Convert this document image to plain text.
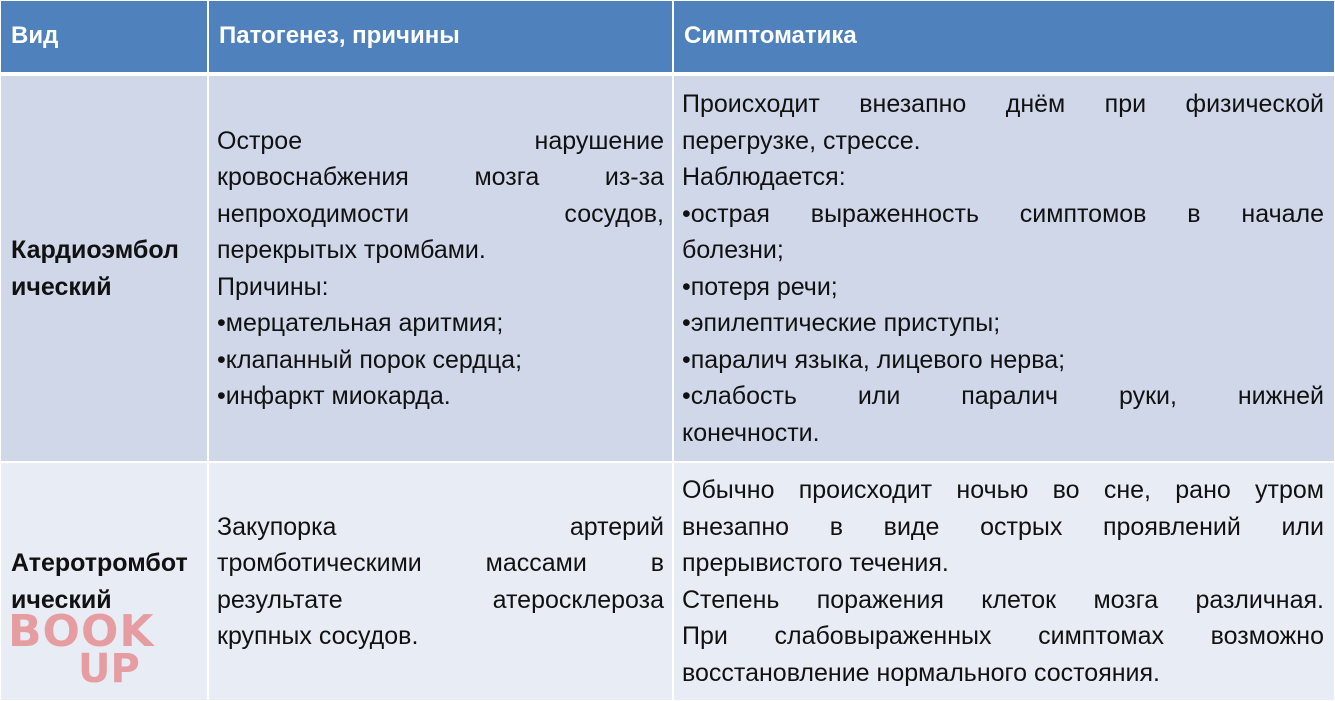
Вид	Патогенез, причины	Симптоматика
Кардиоэмбол
ический
Острое нарушение
кровоснабжения мозга из-за
непроходимости сосудов,
перекрытых тромбами.
Причины:
•мерцательная аритмия;
•клапанный порок сердца;
•инфаркт миокарда.
Происходит внезапно днём при физической
перегрузке, стрессе.
Наблюдается:
•острая выраженность симптомов в начале
болезни;
•потеря речи;
•эпилептические приступы;
•паралич языка, лицевого нерва;
•слабость или паралич руки, нижней
конечности.
Атеротромбот
ический
Закупорка артерий
тромботическими массами в
результате атеросклероза
крупных сосудов.
Обычно происходит ночью во сне, рано утром
внезапно в виде острых проявлений или
прерывистого течения.
Степень поражения клеток мозга различная.
При слабовыраженных симптомах возможно
восстановление нормального состояния.
BOOK
UP
